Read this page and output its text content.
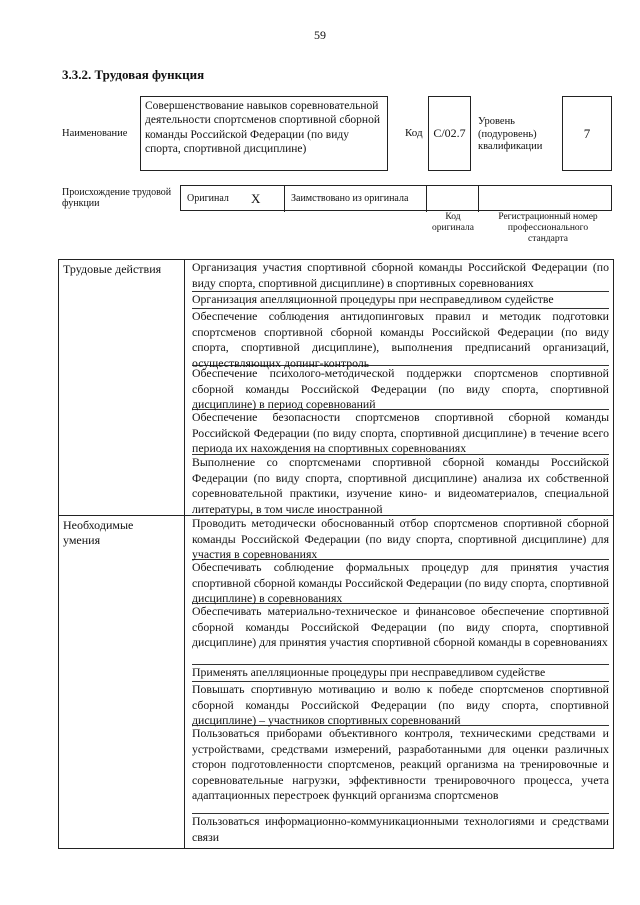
59
3.3.2. Трудовая функция
Наименование
Совершенствование навыков соревновательной деятельности спортсменов спортивной сборной команды Российской Федерации (по виду спорта, спортивной дисциплине)
Код C/02.7
Уровень (подуровень) квалификации
7
Происхождение трудовой функции	Оригинал X	Заимствовано из оригинала
Код оригинала
Регистрационный номер профессионального стандарта
Трудовые действия
Необходимые умения
Организация участия спортивной сборной команды Российской Федерации (по виду спорта, спортивной дисциплине) в спортивных соревнованиях
Организация апелляционной процедуры при несправедливом судействе
Обеспечение соблюдения антидопинговых правил и методик подготовки спортсменов спортивной сборной команды Российской Федерации (по виду спорта, спортивной дисциплине), выполнения предписаний организаций, осуществляющих допинг-контроль
Обеспечение психолого-методической поддержки спортсменов спортивной сборной команды Российской Федерации (по виду спорта, спортивной дисциплине) в период соревнований
Обеспечение безопасности спортсменов спортивной сборной команды Российской Федерации (по виду спорта, спортивной дисциплине) в течение всего периода их нахождения на спортивных соревнованиях
Выполнение со спортсменами спортивной сборной команды Российской Федерации (по виду спорта, спортивной дисциплине) анализа их собственной соревновательной практики, изучение кино- и видеоматериалов, специальной литературы, в том числе иностранной
Проводить методически обоснованный отбор спортсменов спортивной сборной команды Российской Федерации (по виду спорта, спортивной дисциплине) для участия в соревнованиях
Обеспечивать соблюдение формальных процедур для принятия участия спортивной сборной команды Российской Федерации (по виду спорта, спортивной дисциплине) в соревнованиях
Обеспечивать материально-техническое и финансовое обеспечение спортивной сборной команды Российской Федерации (по виду спорта, спортивной дисциплине) для принятия участия спортивной сборной команды в соревнованиях
Применять апелляционные процедуры при несправедливом судействе
Повышать спортивную мотивацию и волю к победе спортсменов спортивной сборной команды Российской Федерации (по виду спорта, спортивной дисциплине) – участников спортивных соревнований
Пользоваться приборами объективного контроля, техническими средствами и устройствами, средствами измерений, разработанными для оценки различных сторон подготовленности спортсменов, реакций организма на тренировочные и соревновательные нагрузки, эффективности тренировочного процесса, учета адаптационных перестроек функций организма спортсменов
Пользоваться информационно-коммуникационными технологиями и средствами связи
